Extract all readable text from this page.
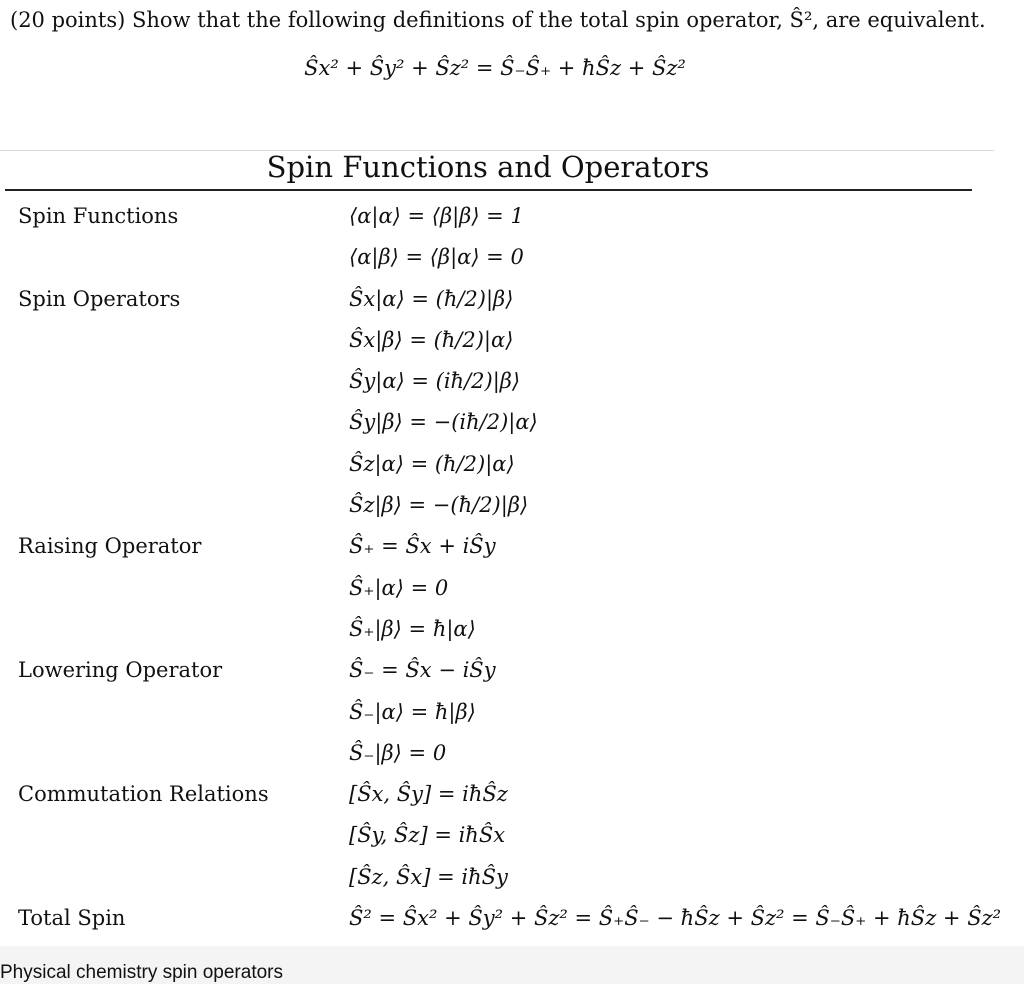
(20 points) Show that the following definitions of the total spin operator, Ŝ², are equivalent.
Ŝx² + Ŝy² + Ŝz² = Ŝ₋Ŝ₊ + ħŜz + Ŝz²
Spin Functions and Operators
Spin Functions	⟨α|α⟩ = ⟨β|β⟩ = 1
⟨α|β⟩ = ⟨β|α⟩ = 0
Spin Operators	Ŝx|α⟩ = (ħ/2)|β⟩
Ŝx|β⟩ = (ħ/2)|α⟩
Ŝy|α⟩ = (iħ/2)|β⟩
Ŝy|β⟩ = −(iħ/2)|α⟩
Ŝz|α⟩ = (ħ/2)|α⟩
Ŝz|β⟩ = −(ħ/2)|β⟩
Raising Operator	Ŝ₊ = Ŝx + iŜy
Ŝ₊|α⟩ = 0
Ŝ₊|β⟩ = ħ|α⟩
Lowering Operator	Ŝ₋ = Ŝx − iŜy
Ŝ₋|α⟩ = ħ|β⟩
Ŝ₋|β⟩ = 0
Commutation Relations	[Ŝx, Ŝy] = iħŜz
[Ŝy, Ŝz] = iħŜx
[Ŝz, Ŝx] = iħŜy
Total Spin	Ŝ² = Ŝx² + Ŝy² + Ŝz² = Ŝ₊Ŝ₋ − ħŜz + Ŝz² = Ŝ₋Ŝ₊ + ħŜz + Ŝz²
Physical chemistry spin operators
